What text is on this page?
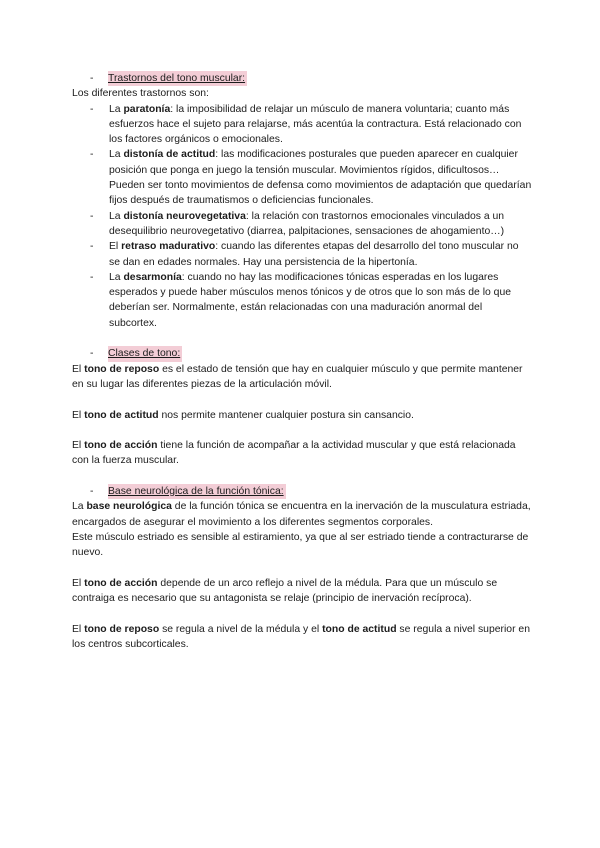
-	Trastornos del tono muscular:

Los diferentes trastornos son:

- La paratonía: la imposibilidad de relajar un músculo de manera voluntaria; cuanto más esfuerzos hace el sujeto para relajarse, más acentúa la contractura. Está relacionado con los factores orgánicos o emocionales.
- La distonía de actitud: las modificaciones posturales que pueden aparecer en cualquier posición que ponga en juego la tensión muscular. Movimientos rígidos, dificultosos… Pueden ser tonto movimientos de defensa como movimientos de adaptación que quedarían fijos después de traumatismos o deficiencias funcionales.
- La distonía neurovegetativa: la relación con trastornos emocionales vinculados a un desequilibrio neurovegetativo (diarrea, palpitaciones, sensaciones de ahogamiento…)
- El retraso madurativo: cuando las diferentes etapas del desarrollo del tono muscular no se dan en edades normales. Hay una persistencia de la hipertonía.
- La desarmonía: cuando no hay las modificaciones tónicas esperadas en los lugares esperados y puede haber músculos menos tónicos y de otros que lo son más de lo que deberían ser. Normalmente, están relacionadas con una maduración anormal del subcortex.
-	Clases de tono:

El tono de reposo es el estado de tensión que hay en cualquier músculo y que permite mantener en su lugar las diferentes piezas de la articulación móvil.

El tono de actitud nos permite mantener cualquier postura sin cansancio.

El tono de acción tiene la función de acompañar a la actividad muscular y que está relacionada con la fuerza muscular.

-	Base neurológica de la función tónica:

La base neurológica de la función tónica se encuentra en la inervación de la musculatura estriada, encargados de asegurar el movimiento a los diferentes segmentos corporales.

Este músculo estriado es sensible al estiramiento, ya que al ser estriado tiende a contracturarse de nuevo.

El tono de acción depende de un arco reflejo a nivel de la médula. Para que un músculo se contraiga es necesario que su antagonista se relaje (principio de inervación recíproca).

El tono de reposo se regula a nivel de la médula y el tono de actitud se regula a nivel superior en los centros subcorticales.
